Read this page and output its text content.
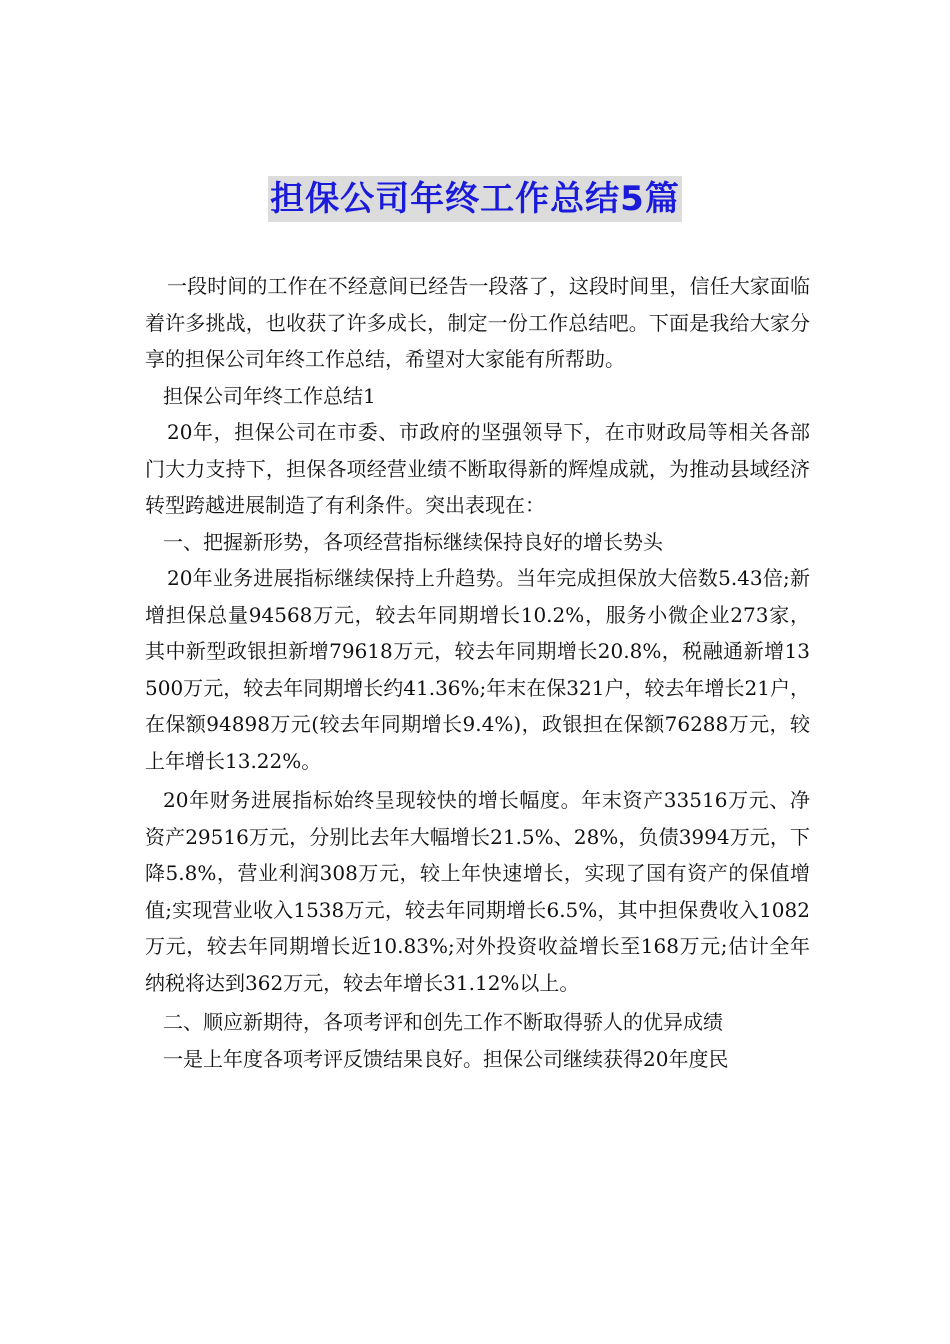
担保公司年终工作总结5篇

一段时间的工作在不经意间已经告一段落了，这段时间里，信任大家面临着许多挑战，也收获了许多成长，制定一份工作总结吧。下面是我给大家分享的担保公司年终工作总结，希望对大家能有所帮助。

担保公司年终工作总结1

20年，担保公司在市委、市政府的坚强领导下，在市财政局等相关各部门大力支持下，担保各项经营业绩不断取得新的辉煌成就，为推动县域经济转型跨越进展制造了有利条件。突出表现在：

一、把握新形势，各项经营指标继续保持良好的增长势头

20年业务进展指标继续保持上升趋势。当年完成担保放大倍数5.43倍;新增担保总量94568万元，较去年同期增长10.2%，服务小微企业273家，其中新型政银担新增79618万元，较去年同期增长20.8%，税融通新增13500万元，较去年同期增长约41.36%;年末在保321户，较去年增长21户，在保额94898万元(较去年同期增长9.4%)，政银担在保额76288万元，较上年增长13.22%。

20年财务进展指标始终呈现较快的增长幅度。年末资产33516万元、净资产29516万元，分别比去年大幅增长21.5%、28%，负债3994万元，下降5.8%，营业利润308万元，较上年快速增长，实现了国有资产的保值增值;实现营业收入1538万元，较去年同期增长6.5%，其中担保费收入1082万元，较去年同期增长近10.83%;对外投资收益增长至168万元;估计全年纳税将达到362万元，较去年增长31.12%以上。

二、顺应新期待，各项考评和创先工作不断取得骄人的优异成绩

一是上年度各项考评反馈结果良好。担保公司继续获得20年度民
